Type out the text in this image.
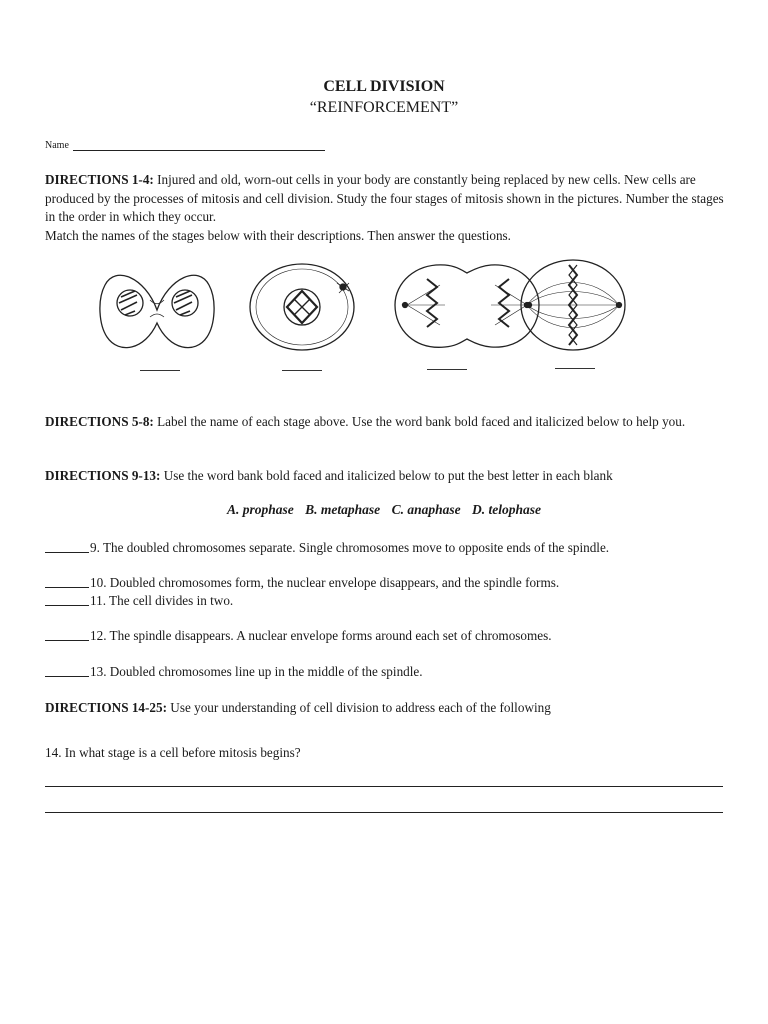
CELL DIVISION
“REINFORCEMENT”
Name
DIRECTIONS 1-4: Injured and old, worn-out cells in your body are constantly being replaced by new cells. New cells are produced by the processes of mitosis and cell division. Study the four stages of mitosis shown in the pictures. Number the stages in the order in which they occur.
Match the names of the stages below with their descriptions. Then answer the questions.
DIRECTIONS 5-8: Label the name of each stage above. Use the word bank bold faced and italicized below to help you.
DIRECTIONS 9-13: Use the word bank bold faced and italicized below to put the best letter in each blank
A. prophase B. metaphase C. anaphase D. telophase
9. The doubled chromosomes separate. Single chromosomes move to opposite ends of the spindle.
10. Doubled chromosomes form, the nuclear envelope disappears, and the spindle forms.
11. The cell divides in two.
12. The spindle disappears. A nuclear envelope forms around each set of chromosomes.
13. Doubled chromosomes line up in the middle of the spindle.
DIRECTIONS 14-25: Use your understanding of cell division to address each of the following
14. In what stage is a cell before mitosis begins?
